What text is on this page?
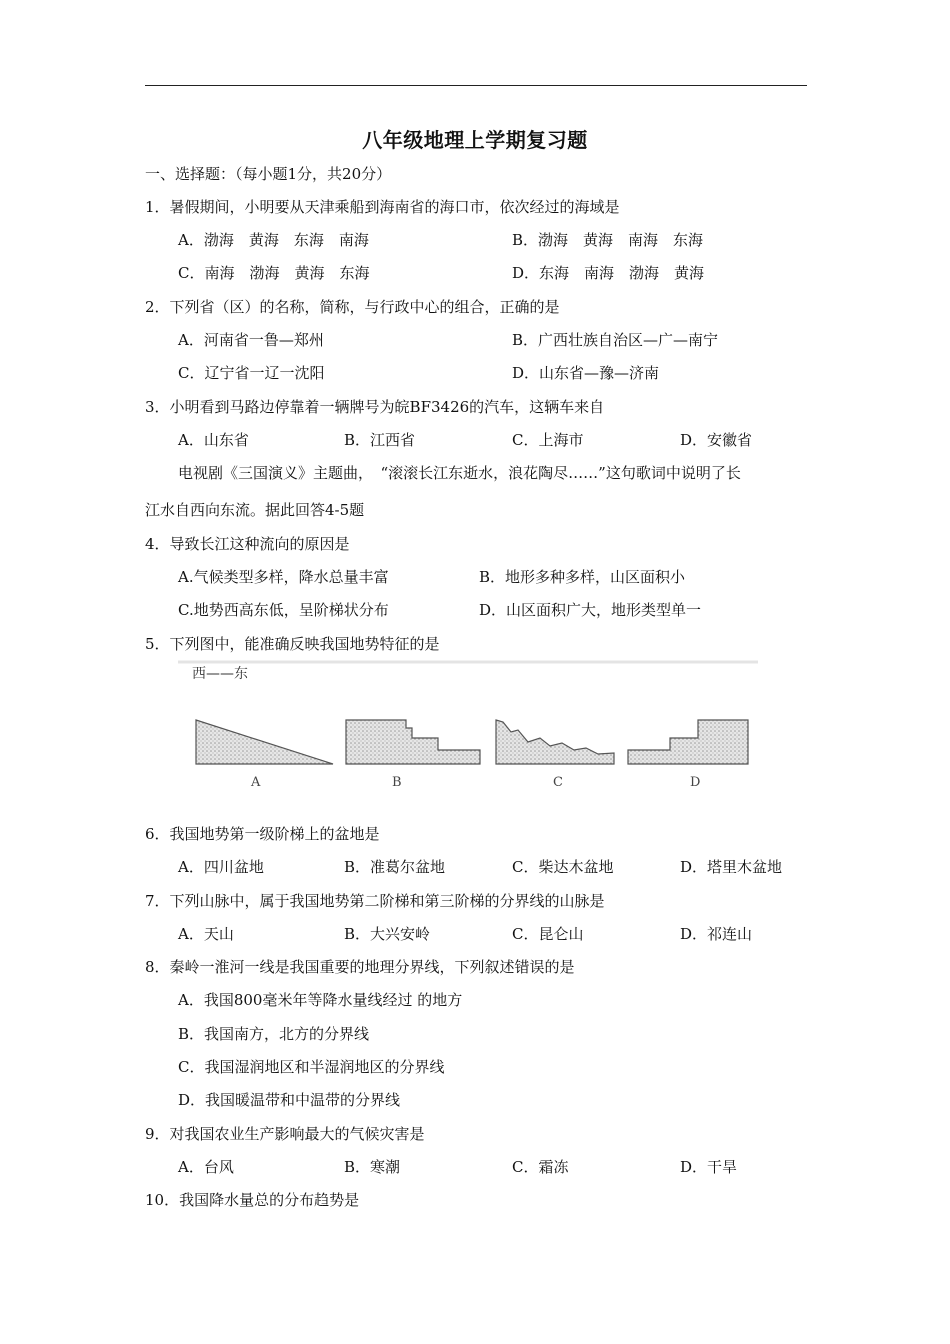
八年级地理上学期复习题
一、选择题：（每小题1分，共20分）
1．暑假期间，小明要从天津乘船到海南省的海口市，依次经过的海域是
A．渤海　黄海　东海　南海	B．渤海　黄海　南海　东海
C．南海　渤海　黄海　东海	D．东海　南海　渤海　黄海
2．下列省（区）的名称，简称，与行政中心的组合，正确的是
A．河南省一鲁—郑州	B．广西壮族自治区—广—南宁
C．辽宁省一辽一沈阳	D．山东省—豫—济南
3．小明看到马路边停靠着一辆牌号为皖BF3426的汽车，这辆车来自
A．山东省	B．江西省	C．上海市	D．安徽省
电视剧《三国演义》主题曲，　“滚滚长江东逝水，浪花陶尽……”这句歌词中说明了长
江水自西向东流。据此回答4-5题
4．导致长江这种流向的原因是
A.气候类型多样，降水总量丰富	B．地形多种多样，山区面积小
C.地势西高东低，呈阶梯状分布	D．山区面积广大，地形类型单一
5．下列图中，能准确反映我国地势特征的是
西——东
A	B	C	D
6．我国地势第一级阶梯上的盆地是
A．四川盆地	B．准葛尔盆地	C．柴达木盆地	D．塔里木盆地
7．下列山脉中，属于我国地势第二阶梯和第三阶梯的分界线的山脉是
A．天山	B．大兴安岭	C．昆仑山	D．祁连山
8．秦岭一淮河一线是我国重要的地理分界线，下列叙述错误的是
A．我国800毫米年等降水量线经过 的地方
B．我国南方，北方的分界线
C．我国湿润地区和半湿润地区的分界线
D．我国暖温带和中温带的分界线
9．对我国农业生产影响最大的气候灾害是
A．台风	B．寒潮	C．霜冻	D．干旱
10．我国降水量总的分布趋势是
